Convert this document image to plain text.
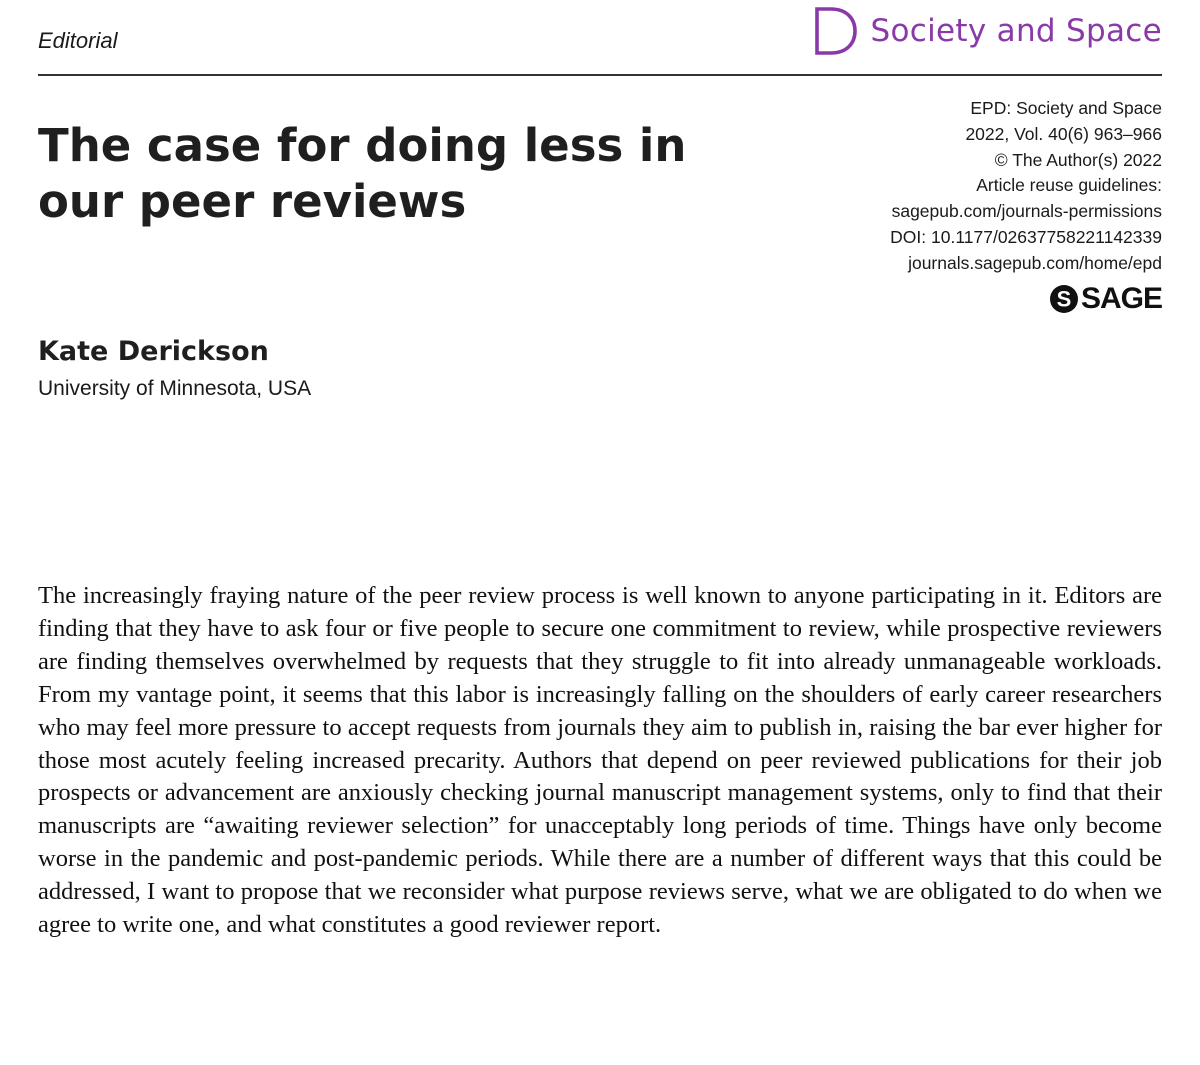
Editorial	Society and Space
The case for doing less in our peer reviews
EPD: Society and Space
2022, Vol. 40(6) 963–966
© The Author(s) 2022
Article reuse guidelines:
sagepub.com/journals-permissions
DOI: 10.1177/02637758221142339
journals.sagepub.com/home/epd
S SAGE
Kate Derickson
University of Minnesota, USA

The increasingly fraying nature of the peer review process is well known to anyone participating in it. Editors are finding that they have to ask four or five people to secure one commitment to review, while prospective reviewers are finding themselves overwhelmed by requests that they struggle to fit into already unmanageable workloads. From my vantage point, it seems that this labor is increasingly falling on the shoulders of early career researchers who may feel more pressure to accept requests from journals they aim to publish in, raising the bar ever higher for those most acutely feeling increased precarity. Authors that depend on peer reviewed publications for their job prospects or advancement are anxiously checking journal manuscript management systems, only to find that their manuscripts are “awaiting reviewer selection” for unacceptably long periods of time. Things have only become worse in the pandemic and post-pandemic periods. While there are a number of different ways that this could be addressed, I want to propose that we reconsider what purpose reviews serve, what we are obligated to do when we agree to write one, and what constitutes a good reviewer report.
